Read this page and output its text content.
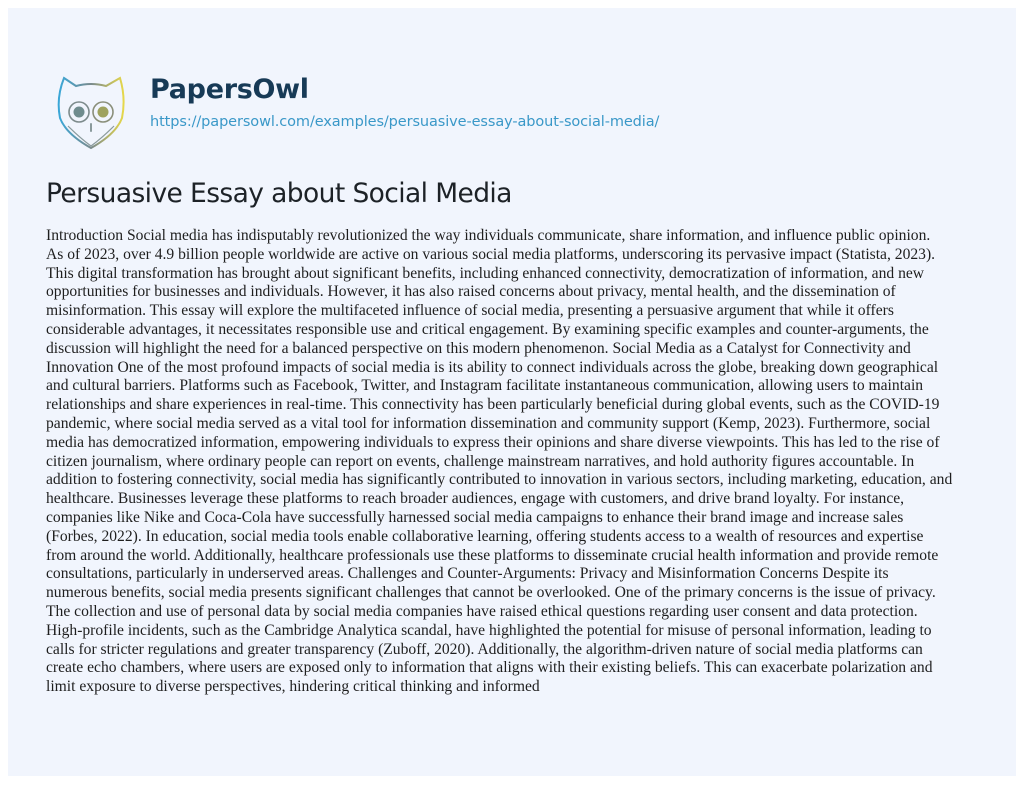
PapersOwl
https://papersowl.com/examples/persuasive-essay-about-social-media/
Persuasive Essay about Social Media
Introduction Social media has indisputably revolutionized the way individuals communicate, share information, and influence public opinion.
As of 2023, over 4.9 billion people worldwide are active on various social media platforms, underscoring its pervasive impact (Statista, 2023).
This digital transformation has brought about significant benefits, including enhanced connectivity, democratization of information, and new
opportunities for businesses and individuals. However, it has also raised concerns about privacy, mental health, and the dissemination of
misinformation. This essay will explore the multifaceted influence of social media, presenting a persuasive argument that while it offers
considerable advantages, it necessitates responsible use and critical engagement. By examining specific examples and counter-arguments, the
discussion will highlight the need for a balanced perspective on this modern phenomenon. Social Media as a Catalyst for Connectivity and
Innovation One of the most profound impacts of social media is its ability to connect individuals across the globe, breaking down geographical
and cultural barriers. Platforms such as Facebook, Twitter, and Instagram facilitate instantaneous communication, allowing users to maintain
relationships and share experiences in real-time. This connectivity has been particularly beneficial during global events, such as the COVID-19
pandemic, where social media served as a vital tool for information dissemination and community support (Kemp, 2023). Furthermore, social
media has democratized information, empowering individuals to express their opinions and share diverse viewpoints. This has led to the rise of
citizen journalism, where ordinary people can report on events, challenge mainstream narratives, and hold authority figures accountable. In
addition to fostering connectivity, social media has significantly contributed to innovation in various sectors, including marketing, education, and
healthcare. Businesses leverage these platforms to reach broader audiences, engage with customers, and drive brand loyalty. For instance,
companies like Nike and Coca-Cola have successfully harnessed social media campaigns to enhance their brand image and increase sales
(Forbes, 2022). In education, social media tools enable collaborative learning, offering students access to a wealth of resources and expertise
from around the world. Additionally, healthcare professionals use these platforms to disseminate crucial health information and provide remote
consultations, particularly in underserved areas. Challenges and Counter-Arguments: Privacy and Misinformation Concerns Despite its
numerous benefits, social media presents significant challenges that cannot be overlooked. One of the primary concerns is the issue of privacy.
The collection and use of personal data by social media companies have raised ethical questions regarding user consent and data protection.
High-profile incidents, such as the Cambridge Analytica scandal, have highlighted the potential for misuse of personal information, leading to
calls for stricter regulations and greater transparency (Zuboff, 2020). Additionally, the algorithm-driven nature of social media platforms can
create echo chambers, where users are exposed only to information that aligns with their existing beliefs. This can exacerbate polarization and
limit exposure to diverse perspectives, hindering critical thinking and informed
